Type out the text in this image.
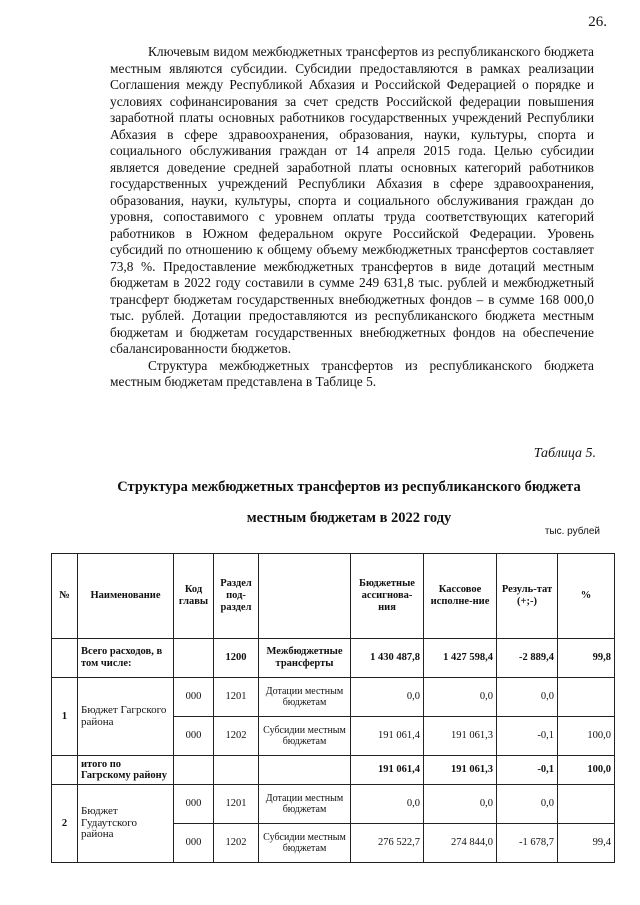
26.

Ключевым видом межбюджетных трансфертов из республиканского бюджета местным являются субсидии. Субсидии предоставляются в рамках реализации Соглашения между Республикой Абхазия и Российской Федерацией о порядке и условиях софинансирования за счет средств Российской федерации повышения заработной платы основных работников государственных учреждений Республики Абхазия в сфере здравоохранения, образования, науки, культуры, спорта и социального обслуживания граждан от 14 апреля 2015 года. Целью субсидии является доведение средней заработной платы основных категорий работников государственных учреждений Республики Абхазия в сфере здравоохранения, образования, науки, культуры, спорта и социального обслуживания граждан до уровня, сопоставимого с уровнем оплаты труда соответствующих категорий работников в Южном федеральном округе Российской Федерации. Уровень субсидий по отношению к общему объему межбюджетных трансфертов составляет 73,8 %. Предоставление межбюджетных трансфертов в виде дотаций местным бюджетам в 2022 году составили в сумме 249 631,8 тыс. рублей и межбюджетный трансферт бюджетам государственных внебюджетных фондов – в сумме 168 000,0 тыс. рублей. Дотации предоставляются из республиканского бюджета местным бюджетам и бюджетам государственных внебюджетных фондов на обеспечение сбалансированности бюджетов.

Структура межбюджетных трансфертов из республиканского бюджета местным бюджетам представлена в Таблице 5.

Таблица 5.
Структура межбюджетных трансфертов из республиканского бюджета
местным бюджетам в 2022 году
тыс. рублей
№	Наименование	Код главы	Раздел под-раздел		Бюджетные ассигнова-ния	Кассовое исполне-ние	Резуль-тат (+;-)	%
	Всего расходов, в том числе:		1200	Межбюджетные трансферты	1 430 487,8	1 427 598,4	-2 889,4	99,8
1	Бюджет Гагрского района	000	1201	Дотации местным бюджетам	0,0	0,0	0,0	
		000	1202	Субсидии местным бюджетам	191 061,4	191 061,3	-0,1	100,0
	итого по Гагрскому району				191 061,4	191 061,3	-0,1	100,0
2	Бюджет Гудаутского района	000	1201	Дотации местным бюджетам	0,0	0,0	0,0	
		000	1202	Субсидии местным бюджетам	276 522,7	274 844,0	-1 678,7	99,4
